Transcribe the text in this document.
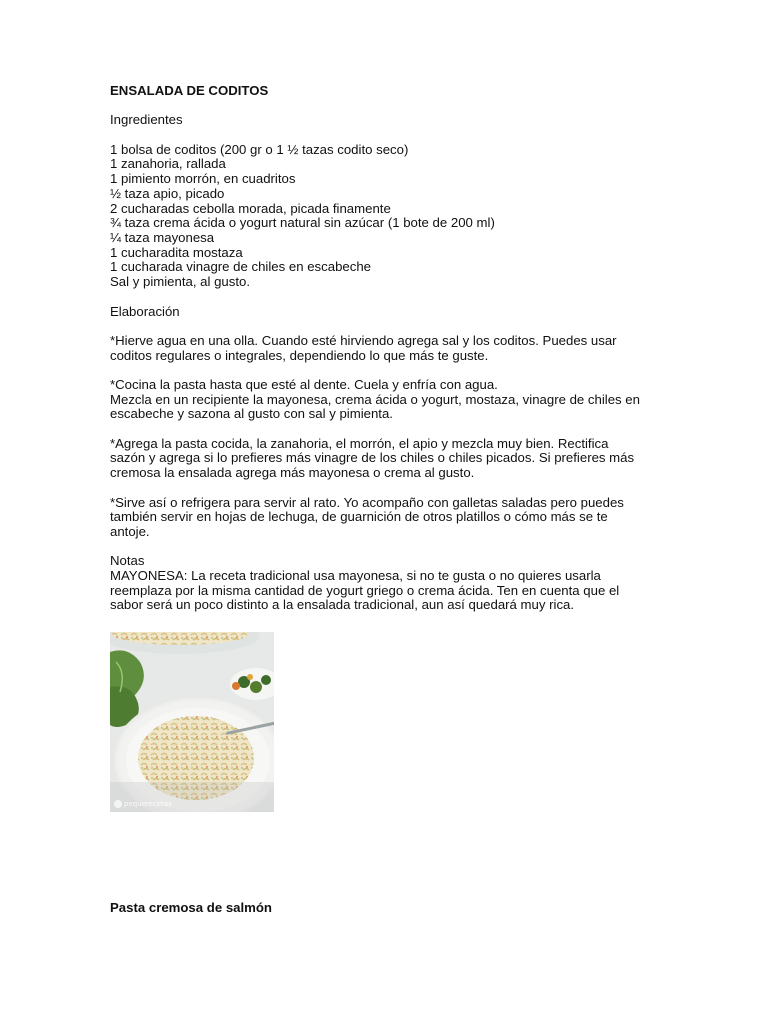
ENSALADA DE CODITOS

Ingredientes

1 bolsa de coditos (200 gr o 1 ½ tazas codito seco)
1 zanahoria, rallada
1 pimiento morrón, en cuadritos
½ taza apio, picado
2 cucharadas cebolla morada, picada finamente
¾ taza crema ácida o yogurt natural sin azúcar (1 bote de 200 ml)
¼ taza mayonesa
1 cucharadita mostaza
1 cucharada vinagre de chiles en escabeche
Sal y pimienta, al gusto.

Elaboración

*Hierve agua en una olla. Cuando esté hirviendo agrega sal y los coditos. Puedes usar

coditos regulares o integrales, dependiendo lo que más te guste.

*Cocina la pasta hasta que esté al dente. Cuela y enfría con agua.

Mezcla en un recipiente la mayonesa, crema ácida o yogurt, mostaza, vinagre de chiles en

escabeche y sazona al gusto con sal y pimienta.

*Agrega la pasta cocida, la zanahoria, el morrón, el apio y mezcla muy bien. Rectifica

sazón y agrega si lo prefieres más vinagre de los chiles o chiles picados. Si prefieres más

cremosa la ensalada agrega más mayonesa o crema al gusto.

*Sirve así o refrigera para servir al rato. Yo acompaño con galletas saladas pero puedes

también servir en hojas de lechuga, de guarnición de otros platillos o cómo más se te

antoje.

Notas

MAYONESA: La receta tradicional usa mayonesa, si no te gusta o no quieres usarla

reemplaza por la misma cantidad de yogurt griego o crema ácida. Ten en cuenta que el

sabor será un poco distinto a la ensalada tradicional, aun así quedará muy rica.

pequerecetas

Pasta cremosa de salmón
